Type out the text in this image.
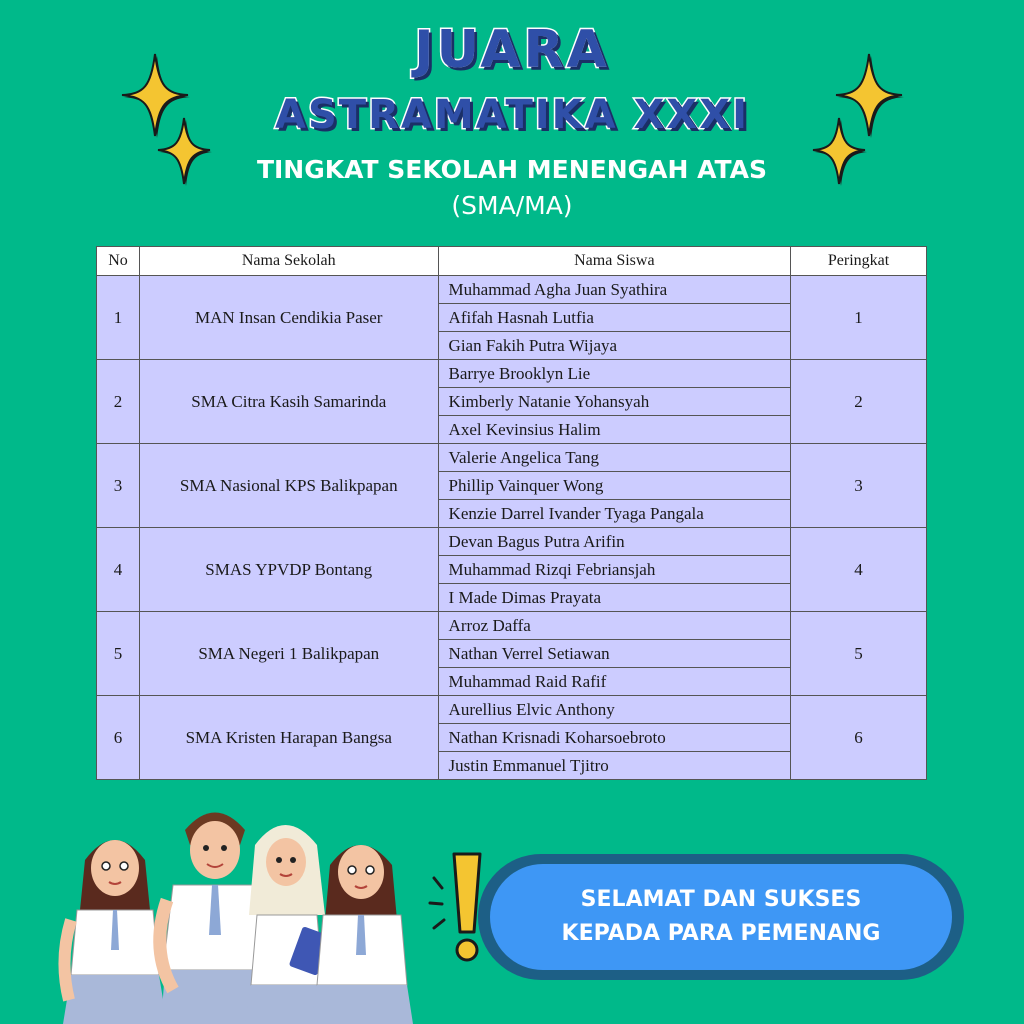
JUARA
ASTRAMATIKA XXXI
TINGKAT SEKOLAH MENENGAH ATAS
(SMA/MA)
No	Nama Sekolah	Nama Siswa	Peringkat
1	MAN Insan Cendikia Paser	Muhammad Agha Juan Syathira	1
		Afifah Hasnah Lutfia	
		Gian Fakih Putra Wijaya	
2	SMA Citra Kasih Samarinda	Barrye Brooklyn Lie	2
		Kimberly Natanie Yohansyah	
		Axel Kevinsius Halim	
3	SMA Nasional KPS Balikpapan	Valerie Angelica Tang	3
		Phillip Vainquer Wong	
		Kenzie Darrel Ivander Tyaga Pangala	
4	SMAS YPVDP Bontang	Devan Bagus Putra Arifin	4
		Muhammad Rizqi Febriansjah	
		I Made Dimas Prayata	
5	SMA Negeri 1 Balikpapan	Arroz Daffa	5
		Nathan Verrel Setiawan	
		Muhammad Raid Rafif	
6	SMA Kristen Harapan Bangsa	Aurellius Elvic Anthony	6
		Nathan Krisnadi Koharsoebroto	
		Justin Emmanuel Tjitro	
SELAMAT DAN SUKSES
KEPADA PARA PEMENANG
